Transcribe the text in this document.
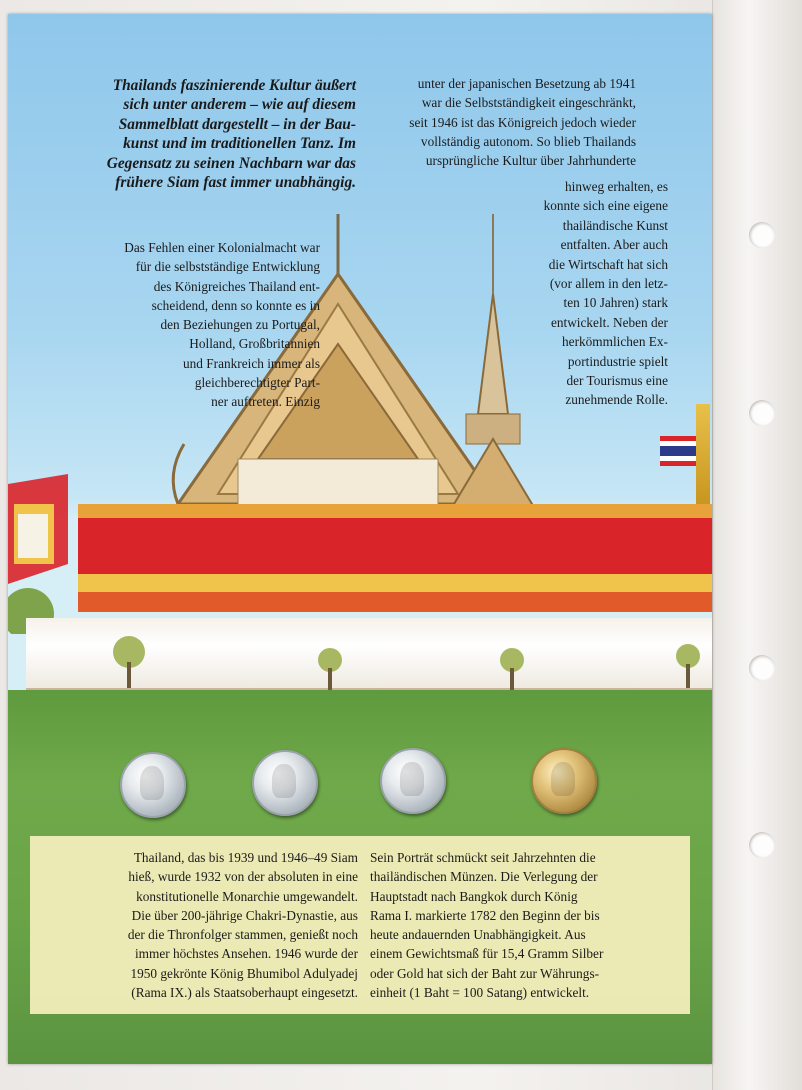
Thailands faszinierende Kultur äußert
sich unter anderem – wie auf diesem
Sammelblatt dargestellt – in der Bau-
kunst und im traditionellen Tanz. Im
Gegensatz zu seinen Nachbarn war das
frühere Siam fast immer unabhängig.
Das Fehlen einer Kolonialmacht war
für die selbstständige Entwicklung
des Königreiches Thailand ent-
scheidend, denn so konnte es in
den Beziehungen zu Portugal,
Holland, Großbritannien
und Frankreich immer als
gleichberechtigter Part-
ner auftreten. Einzig
unter der japanischen Besetzung ab 1941
war die Selbstständigkeit eingeschränkt,
seit 1946 ist das Königreich jedoch wieder
vollständig autonom. So blieb Thailands
ursprüngliche Kultur über Jahrhunderte
hinweg erhalten, es
konnte sich eine eigene
thailändische Kunst
entfalten. Aber auch
die Wirtschaft hat sich
(vor allem in den letz-
ten 10 Jahren) stark
entwickelt. Neben der
herkömmlichen Ex-
portindustrie spielt
der Tourismus eine
zunehmende Rolle.
Thailand, das bis 1939 und 1946–49 Siam
hieß, wurde 1932 von der absoluten in eine
konstitutionelle Monarchie umgewandelt.
Die über 200-jährige Chakri-Dynastie, aus
der die Thronfolger stammen, genießt noch
immer höchstes Ansehen. 1946 wurde der
1950 gekrönte König Bhumibol Adulyadej
(Rama IX.) als Staatsoberhaupt eingesetzt.
Sein Porträt schmückt seit Jahrzehnten die
thailändischen Münzen. Die Verlegung der
Hauptstadt nach Bangkok durch König
Rama I. markierte 1782 den Beginn der bis
heute andauernden Unabhängigkeit. Aus
einem Gewichtsmaß für 15,4 Gramm Silber
oder Gold hat sich der Baht zur Währungs-
einheit (1 Baht = 100 Satang) entwickelt.
